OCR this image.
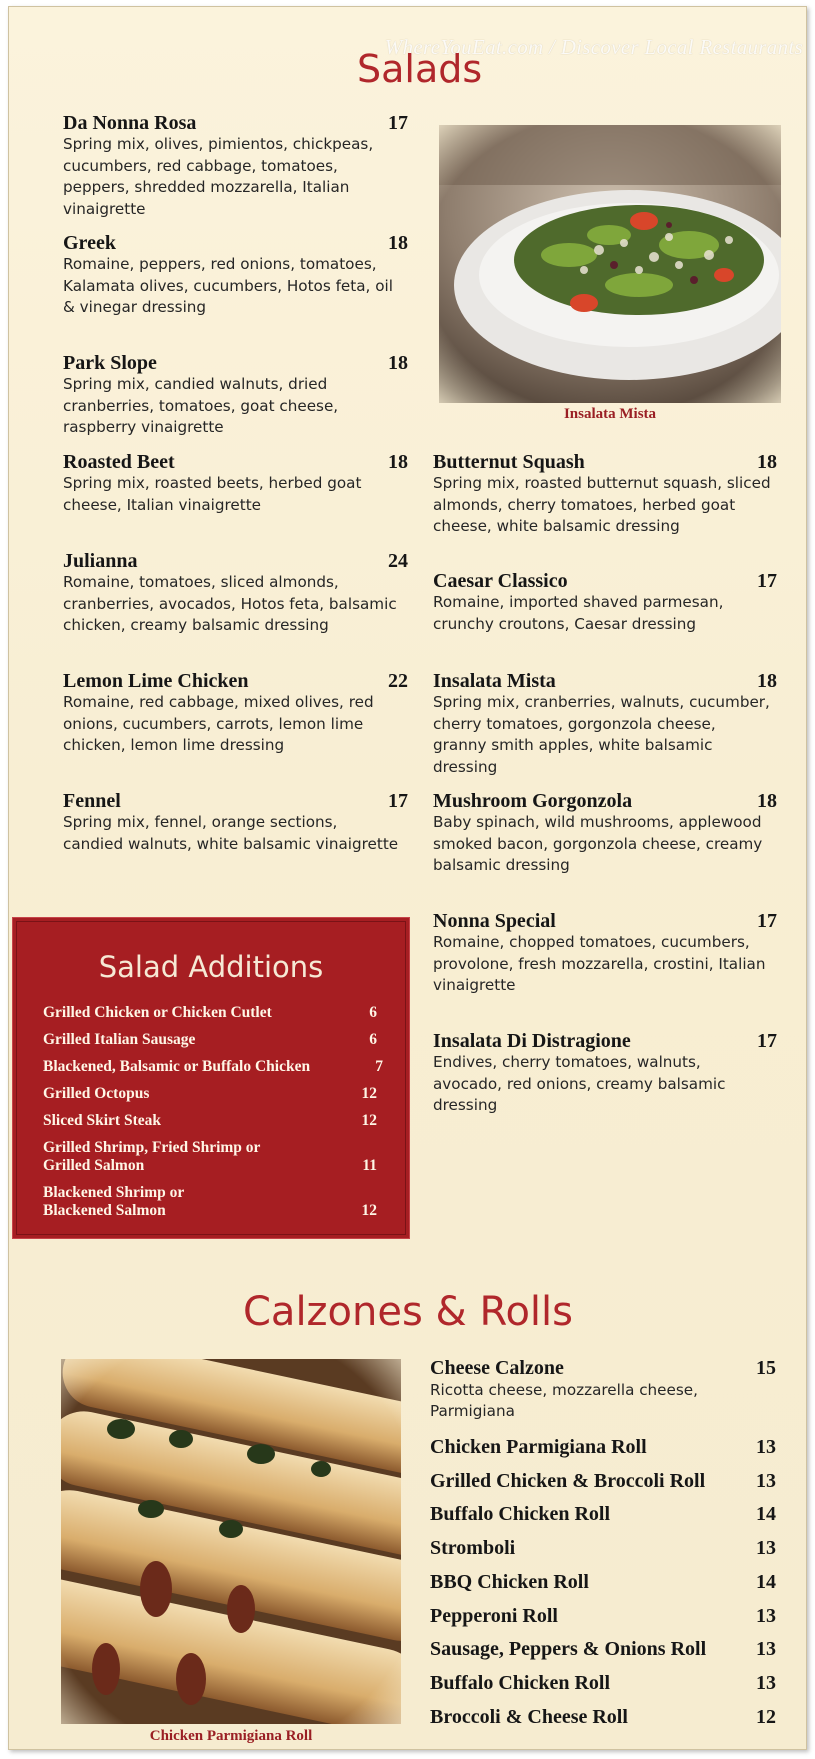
WhereYouEat.com / Discover Local Restaurants
Salads
Da Nonna Rosa	17
Spring mix, olives, pimientos, chickpeas, cucumbers, red cabbage, tomatoes, peppers, shredded mozzarella, Italian vinaigrette
Greek	18
Romaine, peppers, red onions, tomatoes, Kalamata olives, cucumbers, Hotos feta, oil & vinegar dressing
Park Slope	18
Spring mix, candied walnuts, dried cranberries, tomatoes, goat cheese, raspberry vinaigrette
Roasted Beet	18
Spring mix, roasted beets, herbed goat cheese, Italian vinaigrette
Julianna	24
Romaine, tomatoes, sliced almonds, cranberries, avocados, Hotos feta, balsamic chicken, creamy balsamic dressing
Lemon Lime Chicken	22
Romaine, red cabbage, mixed olives, red onions, cucumbers, carrots, lemon lime chicken, lemon lime dressing
Fennel	17
Spring mix, fennel, orange sections, candied walnuts, white balsamic vinaigrette
Insalata Mista
Butternut Squash	18
Spring mix, roasted butternut squash, sliced almonds, cherry tomatoes, herbed goat cheese, white balsamic dressing
Caesar Classico	17
Romaine, imported shaved parmesan, crunchy croutons, Caesar dressing
Insalata Mista	18
Spring mix, cranberries, walnuts, cucumber, cherry tomatoes, gorgonzola cheese, granny smith apples, white balsamic dressing
Mushroom Gorgonzola	18
Baby spinach, wild mushrooms, applewood smoked bacon, gorgonzola cheese, creamy balsamic dressing
Nonna Special	17
Romaine, chopped tomatoes, cucumbers, provolone, fresh mozzarella, crostini, Italian vinaigrette
Insalata Di Distragione	17
Endives, cherry tomatoes, walnuts, avocado, red onions, creamy balsamic dressing
Salad Additions
Grilled Chicken or Chicken Cutlet	6
Grilled Italian Sausage	6
Blackened, Balsamic or Buffalo Chicken	7
Grilled Octopus	12
Sliced Skirt Steak	12
Grilled Shrimp, Fried Shrimp or Grilled Salmon	11
Blackened Shrimp or Blackened Salmon	12
Calzones & Rolls
Chicken Parmigiana Roll
Cheese Calzone	15
Ricotta cheese, mozzarella cheese, Parmigiana
Chicken Parmigiana Roll	13
Grilled Chicken & Broccoli Roll	13
Buffalo Chicken Roll	14
Stromboli	13
BBQ Chicken Roll	14
Pepperoni Roll	13
Sausage, Peppers & Onions Roll	13
Buffalo Chicken Roll	13
Broccoli & Cheese Roll	12
